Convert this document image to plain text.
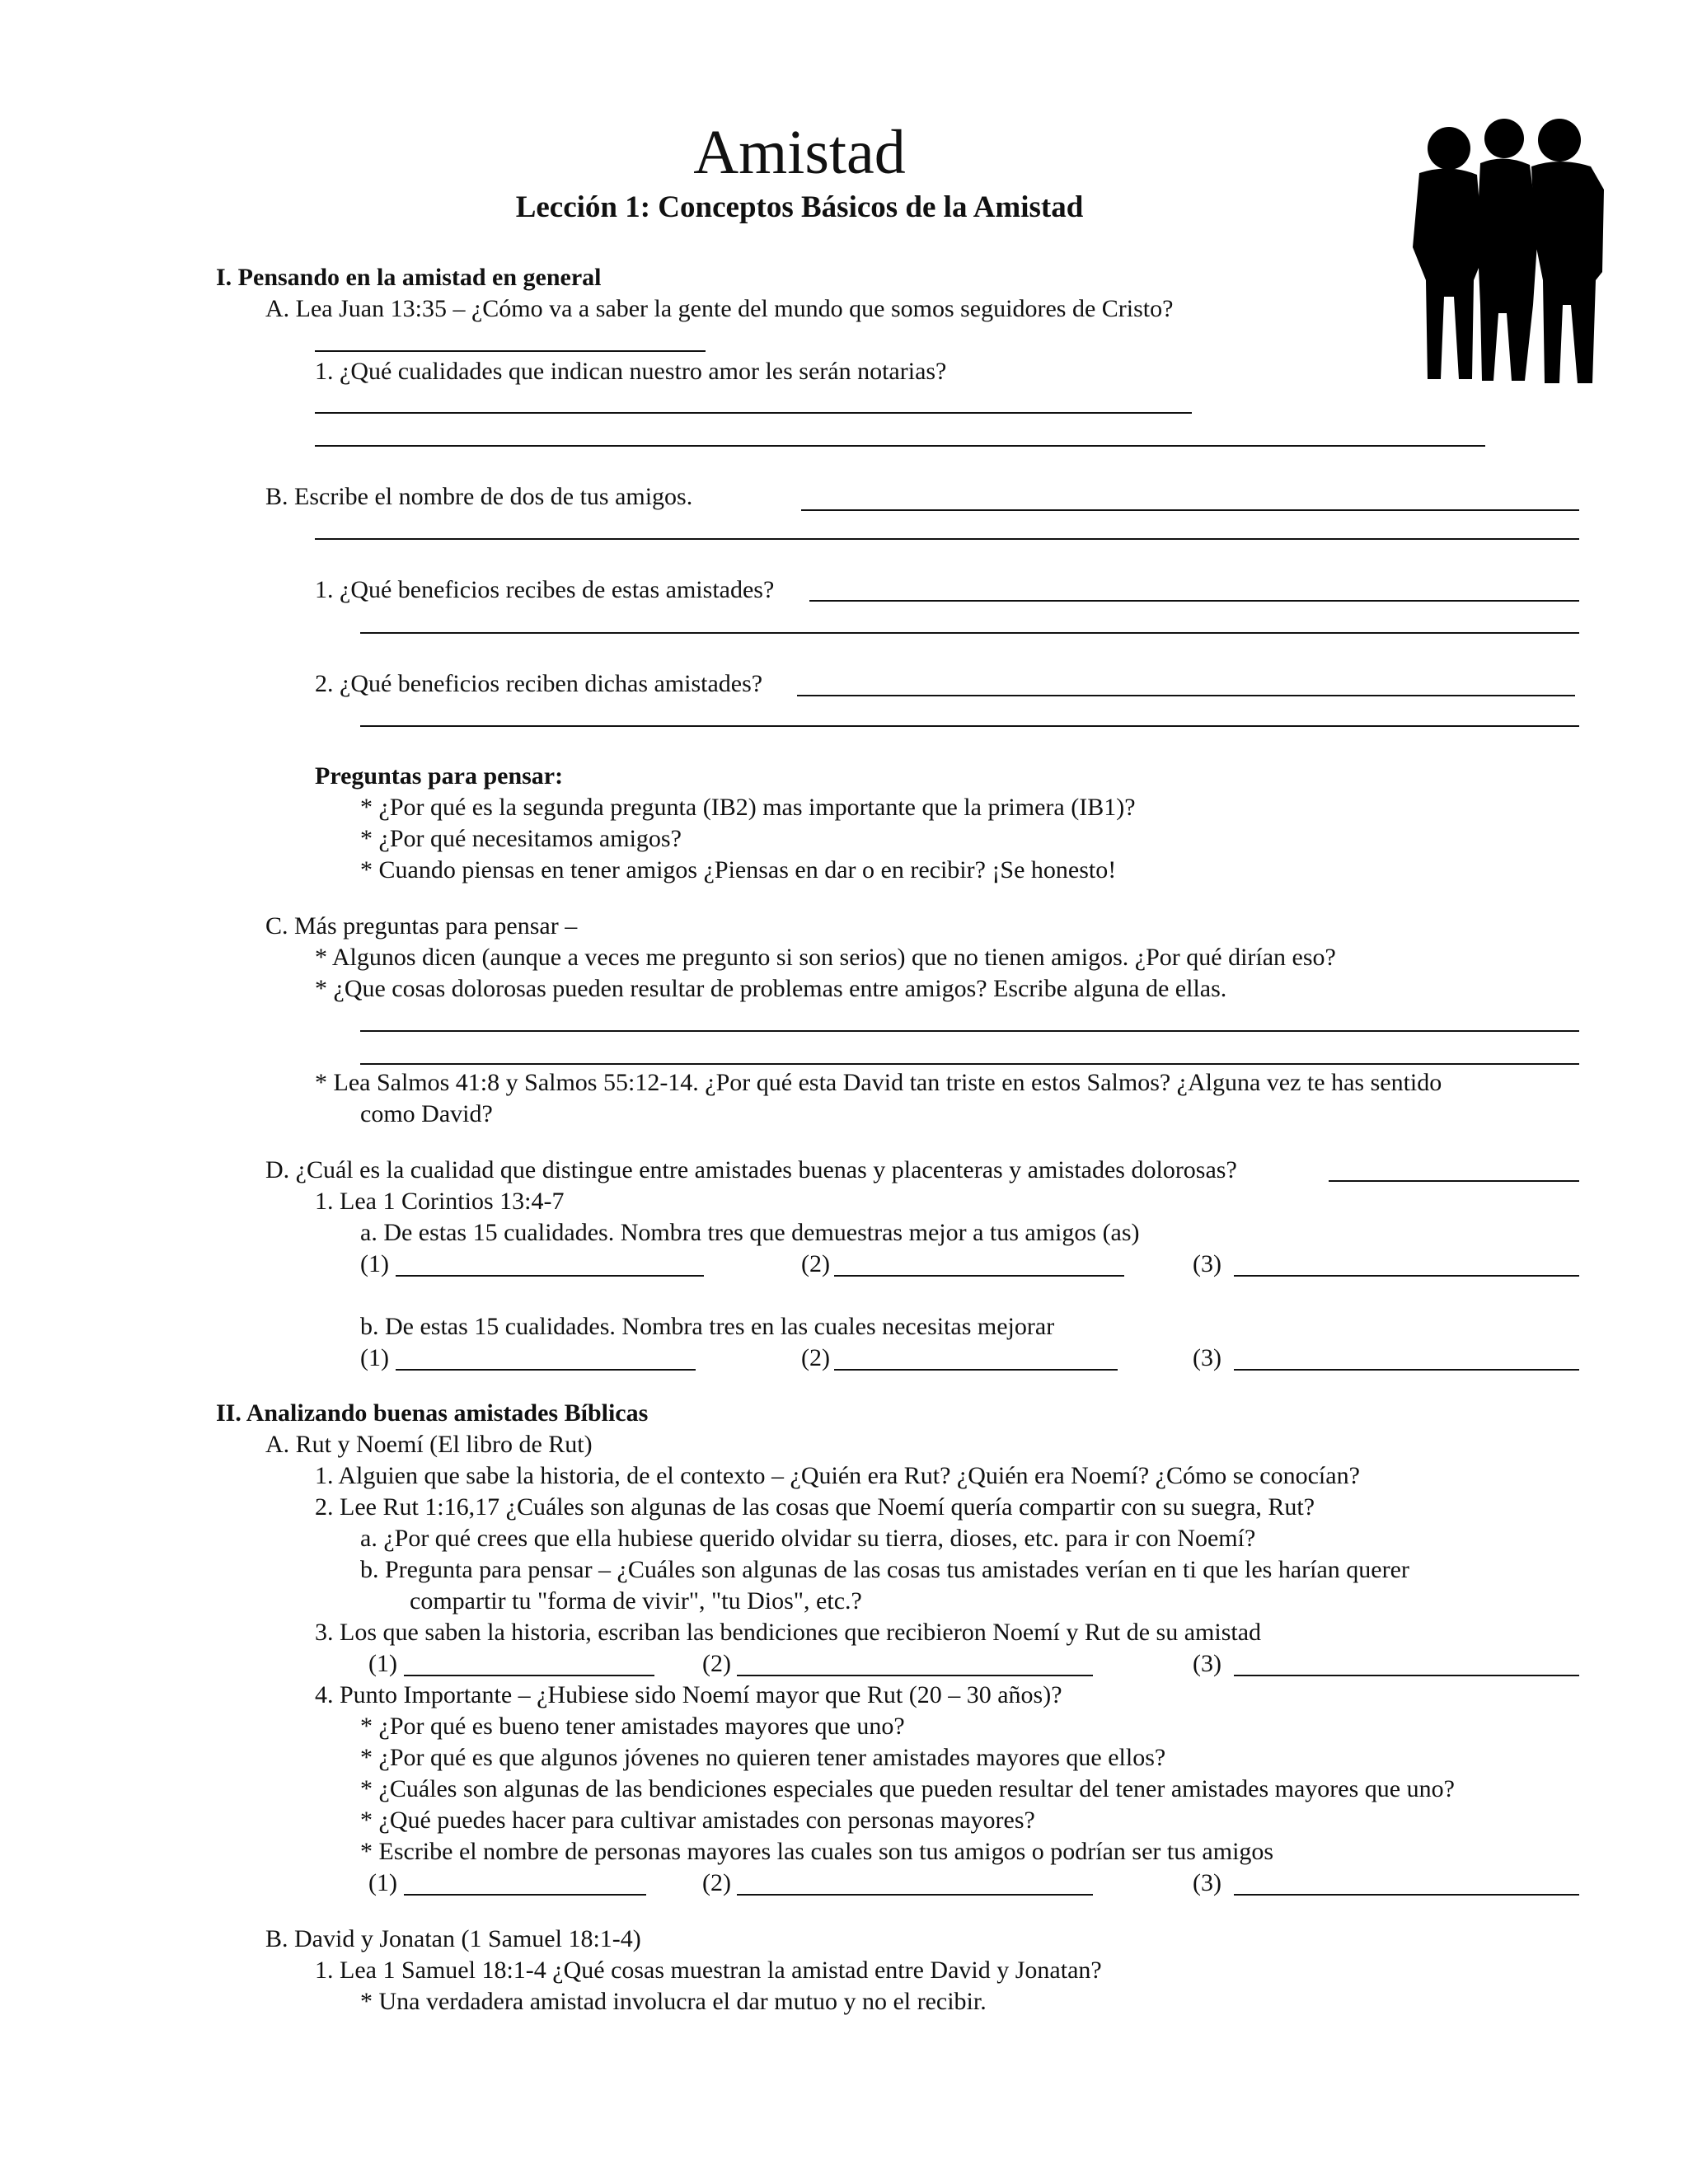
Amistad
Lección 1: Conceptos Básicos de la Amistad
I. Pensando en la amistad en general
A. Lea Juan 13:35 – ¿Cómo va a saber la gente del mundo que somos seguidores de Cristo?
1. ¿Qué cualidades que indican nuestro amor les serán notarias?
B. Escribe el nombre de dos de tus amigos.
1. ¿Qué beneficios recibes de estas amistades?
2. ¿Qué beneficios reciben dichas amistades?
Preguntas para pensar:
* ¿Por qué es la segunda pregunta (IB2) mas importante que la primera (IB1)?
* ¿Por qué necesitamos amigos?
* Cuando piensas en tener amigos ¿Piensas en dar o en recibir? ¡Se honesto!
C. Más preguntas para pensar –
* Algunos dicen (aunque a veces me pregunto si son serios) que no tienen amigos. ¿Por qué dirían eso?
* ¿Que cosas dolorosas pueden resultar de problemas entre amigos? Escribe alguna de ellas.
* Lea Salmos 41:8 y Salmos 55:12-14. ¿Por qué esta David tan triste en estos Salmos? ¿Alguna vez te has sentido
como David?
D. ¿Cuál es la cualidad que distingue entre amistades buenas y placenteras y amistades dolorosas?
1. Lea 1 Corintios 13:4-7
a. De estas 15 cualidades. Nombra tres que demuestras mejor a tus amigos (as)
(1)	(2)	(3)
b. De estas 15 cualidades. Nombra tres en las cuales necesitas mejorar
(1)	(2)	(3)
II. Analizando buenas amistades Bíblicas
A. Rut y Noemí (El libro de Rut)
1. Alguien que sabe la historia, de el contexto – ¿Quién era Rut? ¿Quién era Noemí? ¿Cómo se conocían?
2. Lee Rut 1:16,17 ¿Cuáles son algunas de las cosas que Noemí quería compartir con su suegra, Rut?
a. ¿Por qué crees que ella hubiese querido olvidar su tierra, dioses, etc. para ir con Noemí?
b. Pregunta para pensar – ¿Cuáles son algunas de las cosas tus amistades verían en ti que les harían querer
compartir tu "forma de vivir", "tu Dios", etc.?
3. Los que saben la historia, escriban las bendiciones que recibieron Noemí y Rut de su amistad
(1)	(2)	(3)
4. Punto Importante – ¿Hubiese sido Noemí mayor que Rut (20 – 30 años)?
* ¿Por qué es bueno tener amistades mayores que uno?
* ¿Por qué es que algunos jóvenes no quieren tener amistades mayores que ellos?
* ¿Cuáles son algunas de las bendiciones especiales que pueden resultar del tener amistades mayores que uno?
* ¿Qué puedes hacer para cultivar amistades con personas mayores?
* Escribe el nombre de personas mayores las cuales son tus amigos o podrían ser tus amigos
(1)	(2)	(3)
B. David y Jonatan (1 Samuel 18:1-4)
1. Lea 1 Samuel 18:1-4 ¿Qué cosas muestran la amistad entre David y Jonatan?
* Una verdadera amistad involucra el dar mutuo y no el recibir.
